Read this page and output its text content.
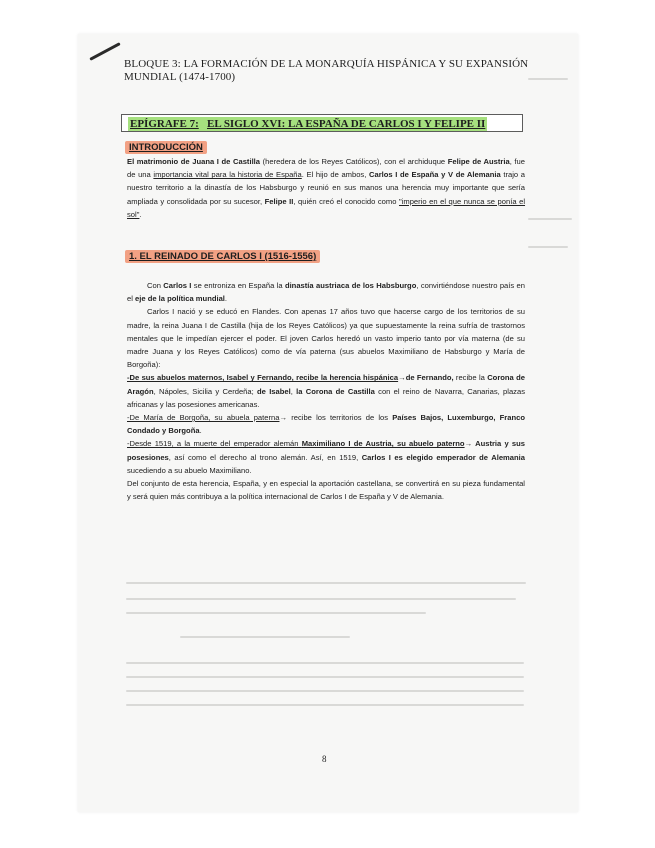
BLOQUE 3: LA FORMACIÓN DE LA MONARQUÍA HISPÁNICA Y SU EXPANSIÓN MUNDIAL (1474-1700)
EPÍGRAFE 7: EL SIGLO XVI: LA ESPAÑA DE CARLOS I Y FELIPE II
INTRODUCCIÓN

El matrimonio de Juana I de Castilla (heredera de los Reyes Católicos), con el archiduque Felipe de Austria, fue de una importancia vital para la historia de España. El hijo de ambos, Carlos I de España y V de Alemania trajo a nuestro territorio a la dinastía de los Habsburgo y reunió en sus manos una herencia muy importante que sería ampliada y consolidada por su sucesor, Felipe II, quién creó el conocido como "imperio en el que nunca se ponía el sol".

1. EL REINADO DE CARLOS I (1516-1556)

Con Carlos I se entroniza en España la dinastía austriaca de los Habsburgo, convirtiéndose nuestro país en el eje de la política mundial.

Carlos I nació y se educó en Flandes. Con apenas 17 años tuvo que hacerse cargo de los territorios de su madre, la reina Juana I de Castilla (hija de los Reyes Católicos) ya que supuestamente la reina sufría de trastornos mentales que le impedían ejercer el poder. El joven Carlos heredó un vasto imperio tanto por vía materna (de su madre Juana y los Reyes Católicos) como de vía paterna (sus abuelos Maximiliano de Habsburgo y María de Borgoña):

-De sus abuelos maternos, Isabel y Fernando, recibe la herencia hispánica→de Fernando, recibe la Corona de Aragón, Nápoles, Sicilia y Cerdeña; de Isabel, la Corona de Castilla con el reino de Navarra, Canarias, plazas africanas y las posesiones americanas.

-De María de Borgoña, su abuela paterna→ recibe los territorios de los Países Bajos, Luxemburgo, Franco Condado y Borgoña.

-Desde 1519, a la muerte del emperador alemán Maximiliano I de Austria, su abuelo paterno→ Austria y sus posesiones, así como el derecho al trono alemán. Así, en 1519, Carlos I es elegido emperador de Alemania sucediendo a su abuelo Maximiliano.

Del conjunto de esta herencia, España, y en especial la aportación castellana, se convertirá en su pieza fundamental y será quien más contribuya a la política internacional de Carlos I de España y V de Alemania.

8
